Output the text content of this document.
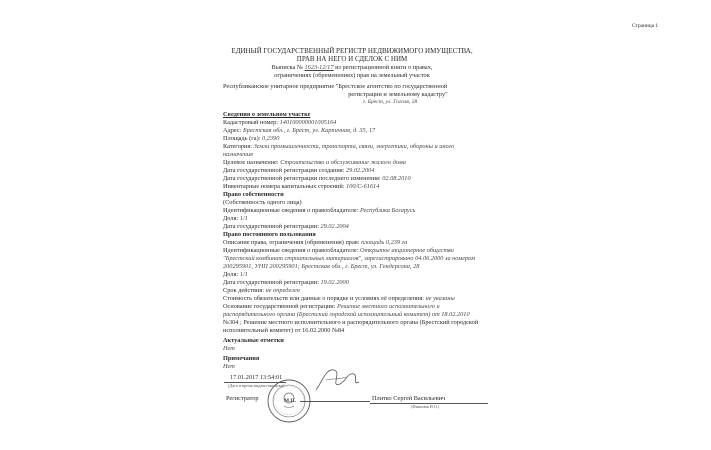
Страница 1
ЕДИНЫЙ ГОСУДАРСТВЕННЫЙ РЕГИСТР НЕДВИЖИМОГО ИМУЩЕСТВА,
ПРАВ НА НЕГО И СДЕЛОК С НИМ
Выписка № 1623-12/17 из регистрационной книги о правах,
ограничениях (обременениях) прав на земельный участок
Республиканское унитарное предприятие "Брестское агентство по государственной
регистрации и земельному кадастру"
г. Брест, ул. Гоголя, 28
Сведения о земельном участке
Кадастровый номер: 140100000001005164
Адрес: Брестская обл., г. Брест, ул. Кирпичная, д. 35, 17
Площадь (га): 0,2390
Категория: Земли промышленности, транспорта, связи, энергетики, обороны и иного
назначения
Целевое назначение: Строительство и обслуживание жилого дома
Дата государственной регистрации создания: 29.02.2004
Дата государственной регистрации последнего изменения: 02.08.2010
Инвентарные номера капитальных строений: 100/С-61614
Право собственности
(Собственность одного лица)
Идентификационные сведения о правообладателе: Республика Беларусь
Доля: 1/1
Дата государственной регистрации: 29.02.2004
Право постоянного пользования
Описание права, ограничения (обременения) прав: площадь 0,239 га
Идентификационные сведения о правообладателе: Открытое акционерное общество
"Брестский комбинат строительных материалов", зарегистрировано 04.06.2000 за номером
200295901, УНП 200295901; Брестская обл., г. Брест, ул. Гендерсона, 28
Доля: 1/1
Дата государственной регистрации: 19.02.2000
Срок действия: не определен
Стоимость обязательств или данные о порядке и условиях её определения: не указаны
Основание государственной регистрации: Решение местного исполнительного и
распорядительного органа (Брестский городской исполнительный комитет) от 18.02.2010
№304 ; Решение местного исполнительного и распорядительного органа (Брестский городской
исполнительный комитет) от 16.02.2000 №84
Актуальные отметки
Нет
Примечания
Нет
17.01.2017 13:54:01
(Дата и время выдачи выписки)
Регистратор	М.П.	Плитко Сергей Васильевич
(Фамилия И.О.)
